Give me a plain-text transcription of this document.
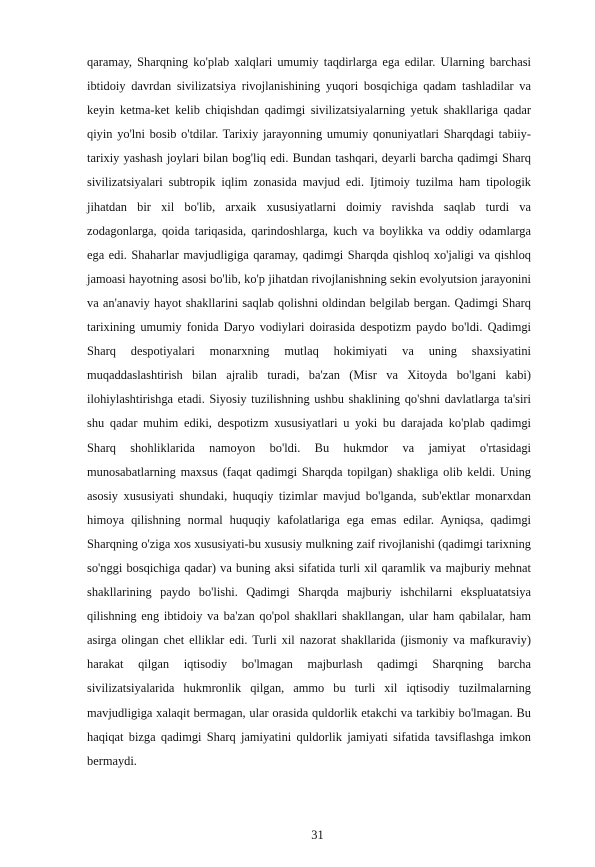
qaramay, Sharqning ko'plab xalqlari umumiy taqdirlarga ega edilar. Ularning barchasi ibtidoiy davrdan sivilizatsiya rivojlanishining yuqori bosqichiga qadam tashladilar va keyin ketma-ket kelib chiqishdan qadimgi sivilizatsiyalarning yetuk shakllariga qadar qiyin yo'lni bosib o'tdilar. Tarixiy jarayonning umumiy qonuniyatlari Sharqdagi tabiiy-tarixiy yashash joylari bilan bog'liq edi. Bundan tashqari, deyarli barcha qadimgi Sharq sivilizatsiyalari subtropik iqlim zonasida mavjud edi. Ijtimoiy tuzilma ham tipologik jihatdan bir xil bo'lib, arxaik xususiyatlarni doimiy ravishda saqlab turdi va zodagonlarga, qoida tariqasida, qarindoshlarga, kuch va boylikka va oddiy odamlarga ega edi. Shaharlar mavjudligiga qaramay, qadimgi Sharqda qishloq xo'jaligi va qishloq jamoasi hayotning asosi bo'lib, ko'p jihatdan rivojlanishning sekin evolyutsion jarayonini va an'anaviy hayot shakllarini saqlab qolishni oldindan belgilab bergan. Qadimgi Sharq tarixining umumiy fonida Daryo vodiylari doirasida despotizm paydo bo'ldi. Qadimgi Sharq despotiyalari monarxning mutlaq hokimiyati va uning shaxsiyatini muqaddaslashtirish bilan ajralib turadi, ba'zan (Misr va Xitoyda bo'lgani kabi) ilohiylashtirishga etadi. Siyosiy tuzilishning ushbu shaklining qo'shni davlatlarga ta'siri shu qadar muhim ediki, despotizm xususiyatlari u yoki bu darajada ko'plab qadimgi Sharq shohliklarida namoyon bo'ldi. Bu hukmdor va jamiyat o'rtasidagi munosabatlarning maxsus (faqat qadimgi Sharqda topilgan) shakliga olib keldi. Uning asosiy xususiyati shundaki, huquqiy tizimlar mavjud bo'lganda, sub'ektlar monarxdan himoya qilishning normal huquqiy kafolatlariga ega emas edilar. Ayniqsa, qadimgi Sharqning o'ziga xos xususiyati-bu xususiy mulkning zaif rivojlanishi (qadimgi tarixning so'nggi bosqichiga qadar) va buning aksi sifatida turli xil qaramlik va majburiy mehnat shakllarining paydo bo'lishi. Qadimgi Sharqda majburiy ishchilarni ekspluatatsiya qilishning eng ibtidoiy va ba'zan qo'pol shakllari shakllangan, ular ham qabilalar, ham asirga olingan chet elliklar edi. Turli xil nazorat shakllarida (jismoniy va mafkuraviy) harakat qilgan iqtisodiy bo'lmagan majburlash qadimgi Sharqning barcha sivilizatsiyalarida hukmronlik qilgan, ammo bu turli xil iqtisodiy tuzilmalarning mavjudligiga xalaqit bermagan, ular orasida quldorlik etakchi va tarkibiy bo'lmagan. Bu haqiqat bizga qadimgi Sharq jamiyatini quldorlik jamiyati sifatida tavsiflashga imkon bermaydi.

31
